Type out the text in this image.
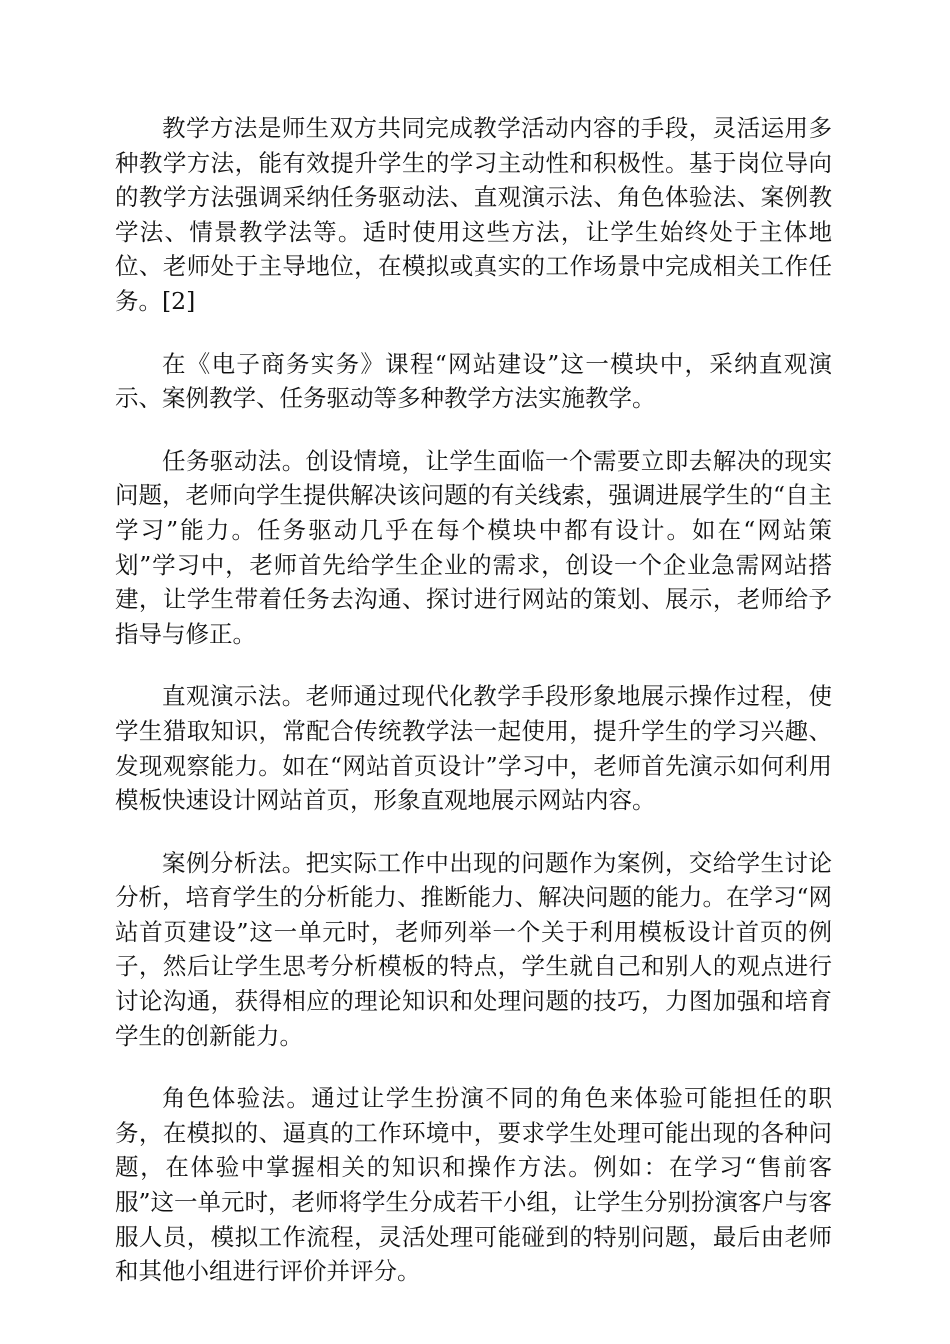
教学方法是师生双方共同完成教学活动内容的手段，灵活运用多种教学方法，能有效提升学生的学习主动性和积极性。基于岗位导向的教学方法强调采纳任务驱动法、直观演示法、角色体验法、案例教学法、情景教学法等。适时使用这些方法，让学生始终处于主体地位、老师处于主导地位，在模拟或真实的工作场景中完成相关工作任务。[2]

在《电子商务实务》课程“网站建设”这一模块中，采纳直观演示、案例教学、任务驱动等多种教学方法实施教学。

任务驱动法。创设情境，让学生面临一个需要立即去解决的现实问题，老师向学生提供解决该问题的有关线索，强调进展学生的“自主学习”能力。任务驱动几乎在每个模块中都有设计。如在“网站策划”学习中，老师首先给学生企业的需求，创设一个企业急需网站搭建，让学生带着任务去沟通、探讨进行网站的策划、展示，老师给予指导与修正。

直观演示法。老师通过现代化教学手段形象地展示操作过程，使学生猎取知识，常配合传统教学法一起使用，提升学生的学习兴趣、发现观察能力。如在“网站首页设计”学习中，老师首先演示如何利用模板快速设计网站首页，形象直观地展示网站内容。

案例分析法。把实际工作中出现的问题作为案例，交给学生讨论分析，培育学生的分析能力、推断能力、解决问题的能力。在学习“网站首页建设”这一单元时，老师列举一个关于利用模板设计首页的例子，然后让学生思考分析模板的特点，学生就自己和别人的观点进行讨论沟通，获得相应的理论知识和处理问题的技巧，力图加强和培育学生的创新能力。

角色体验法。通过让学生扮演不同的角色来体验可能担任的职务，在模拟的、逼真的工作环境中，要求学生处理可能出现的各种问题，在体验中掌握相关的知识和操作方法。例如：在学习“售前客服”这一单元时，老师将学生分成若干小组，让学生分别扮演客户与客服人员，模拟工作流程，灵活处理可能碰到的特别问题，最后由老师和其他小组进行评价并评分。
